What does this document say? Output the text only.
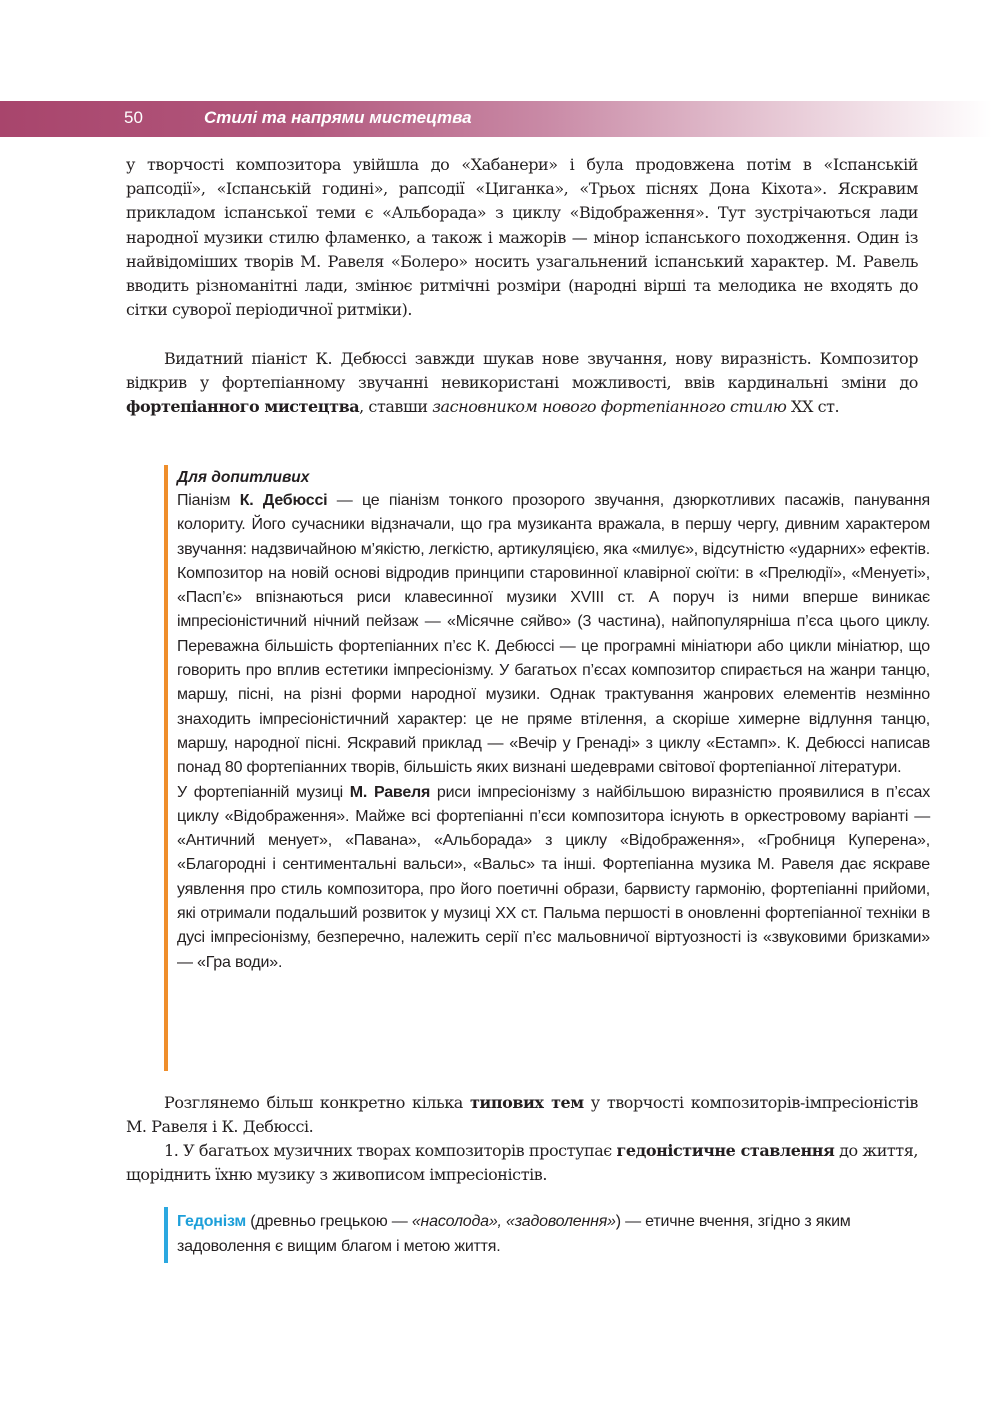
50	Стилі та напрями мистецтва

у творчості композитора увійшла до «Хабанери» і була продовжена потім в «Іспанській рапсодії», «Іспанській годині», рапсодії «Циганка», «Трьох піснях Дона Кіхота». Яскравим прикладом іспанської теми є «Альборада» з циклу «Відображення». Тут зустрічаються лади народної музики стилю фламенко, а також і мажорів — мінор іспанського походження. Один із найвідоміших творів М. Равеля «Болеро» носить узагальнений іспанський характер. М. Равель вводить різноманітні лади, змінює ритмічні розміри (народні вірші та мелодика не входять до сітки суворої періодичної ритміки).

Видатний піаніст К. Дебюссі завжди шукав нове звучання, нову виразність. Композитор відкрив у фортепіанному звучанні невикористані можливості, ввів кардинальні зміни до фортепіанного мистецтва, ставши засновником нового фортепіанного стилю XX ст.

Для допитливих

Піанізм К. Дебюссі — це піанізм тонкого прозорого звучання, дзюркотливих пасажів, панування колориту. Його сучасники відзначали, що гра музиканта вражала, в першу чергу, дивним характером звучання: надзвичайною м’якістю, легкістю, артикуляцією, яка «милує», відсутністю «ударних» ефектів. Композитор на новій основі відродив принципи старовинної клавірної сюїти: в «Прелюдії», «Менуеті», «Пасп’є» впізнаються риси клавесинної музики XVIII ст. А поруч із ними вперше виникає імпресіоністичний нічний пейзаж — «Місячне сяйво» (3 частина), найпопулярніша п’єса цього циклу. Переважна більшість фортепіанних п’єс К. Дебюссі — це програмні мініатюри або цикли мініатюр, що говорить про вплив естетики імпресіонізму. У багатьох п’єсах композитор спирається на жанри танцю, маршу, пісні, на різні форми народної музики. Однак трактування жанрових елементів незмінно знаходить імпресіоністичний характер: це не пряме втілення, а скоріше химерне відлуння танцю, маршу, народної пісні. Яскравий приклад — «Вечір у Гренаді» з циклу «Естамп». К. Дебюссі написав понад 80 фортепіанних творів, більшість яких визнані шедеврами світової фортепіанної літератури.

У фортепіанній музиці М. Равеля риси імпресіонізму з найбільшою виразністю проявилися в п’єсах циклу «Відображення». Майже всі фортепіанні п’єси композитора існують в оркестровому варіанті — «Античний менует», «Павана», «Альборада» з циклу «Відображення», «Гробниця Куперена», «Благородні і сентиментальні вальси», «Вальс» та інші. Фортепіанна музика М. Равеля дає яскраве уявлення про стиль композитора, про його поетичні образи, барвисту гармонію, фортепіанні прийоми, які отримали подальший розвиток у музиці XX ст. Пальма першості в оновленні фортепіанної техніки в дусі імпресіонізму, безперечно, належить серії п’єс мальовничої віртуозності із «звуковими бризками» — «Гра води».

Розглянемо більш конкретно кілька типових тем у творчості композиторів-імпресіоністів М. Равеля і К. Дебюссі.

1. У багатьох музичних творах композиторів проступає гедоністичне ставлення до життя, щоріднить їхню музику з живописом імпресіоністів.

Гедонізм (древньо грецькою — «насолода», «задоволення») — етичне вчення, згідно з яким задоволення є вищим благом і метою життя.
